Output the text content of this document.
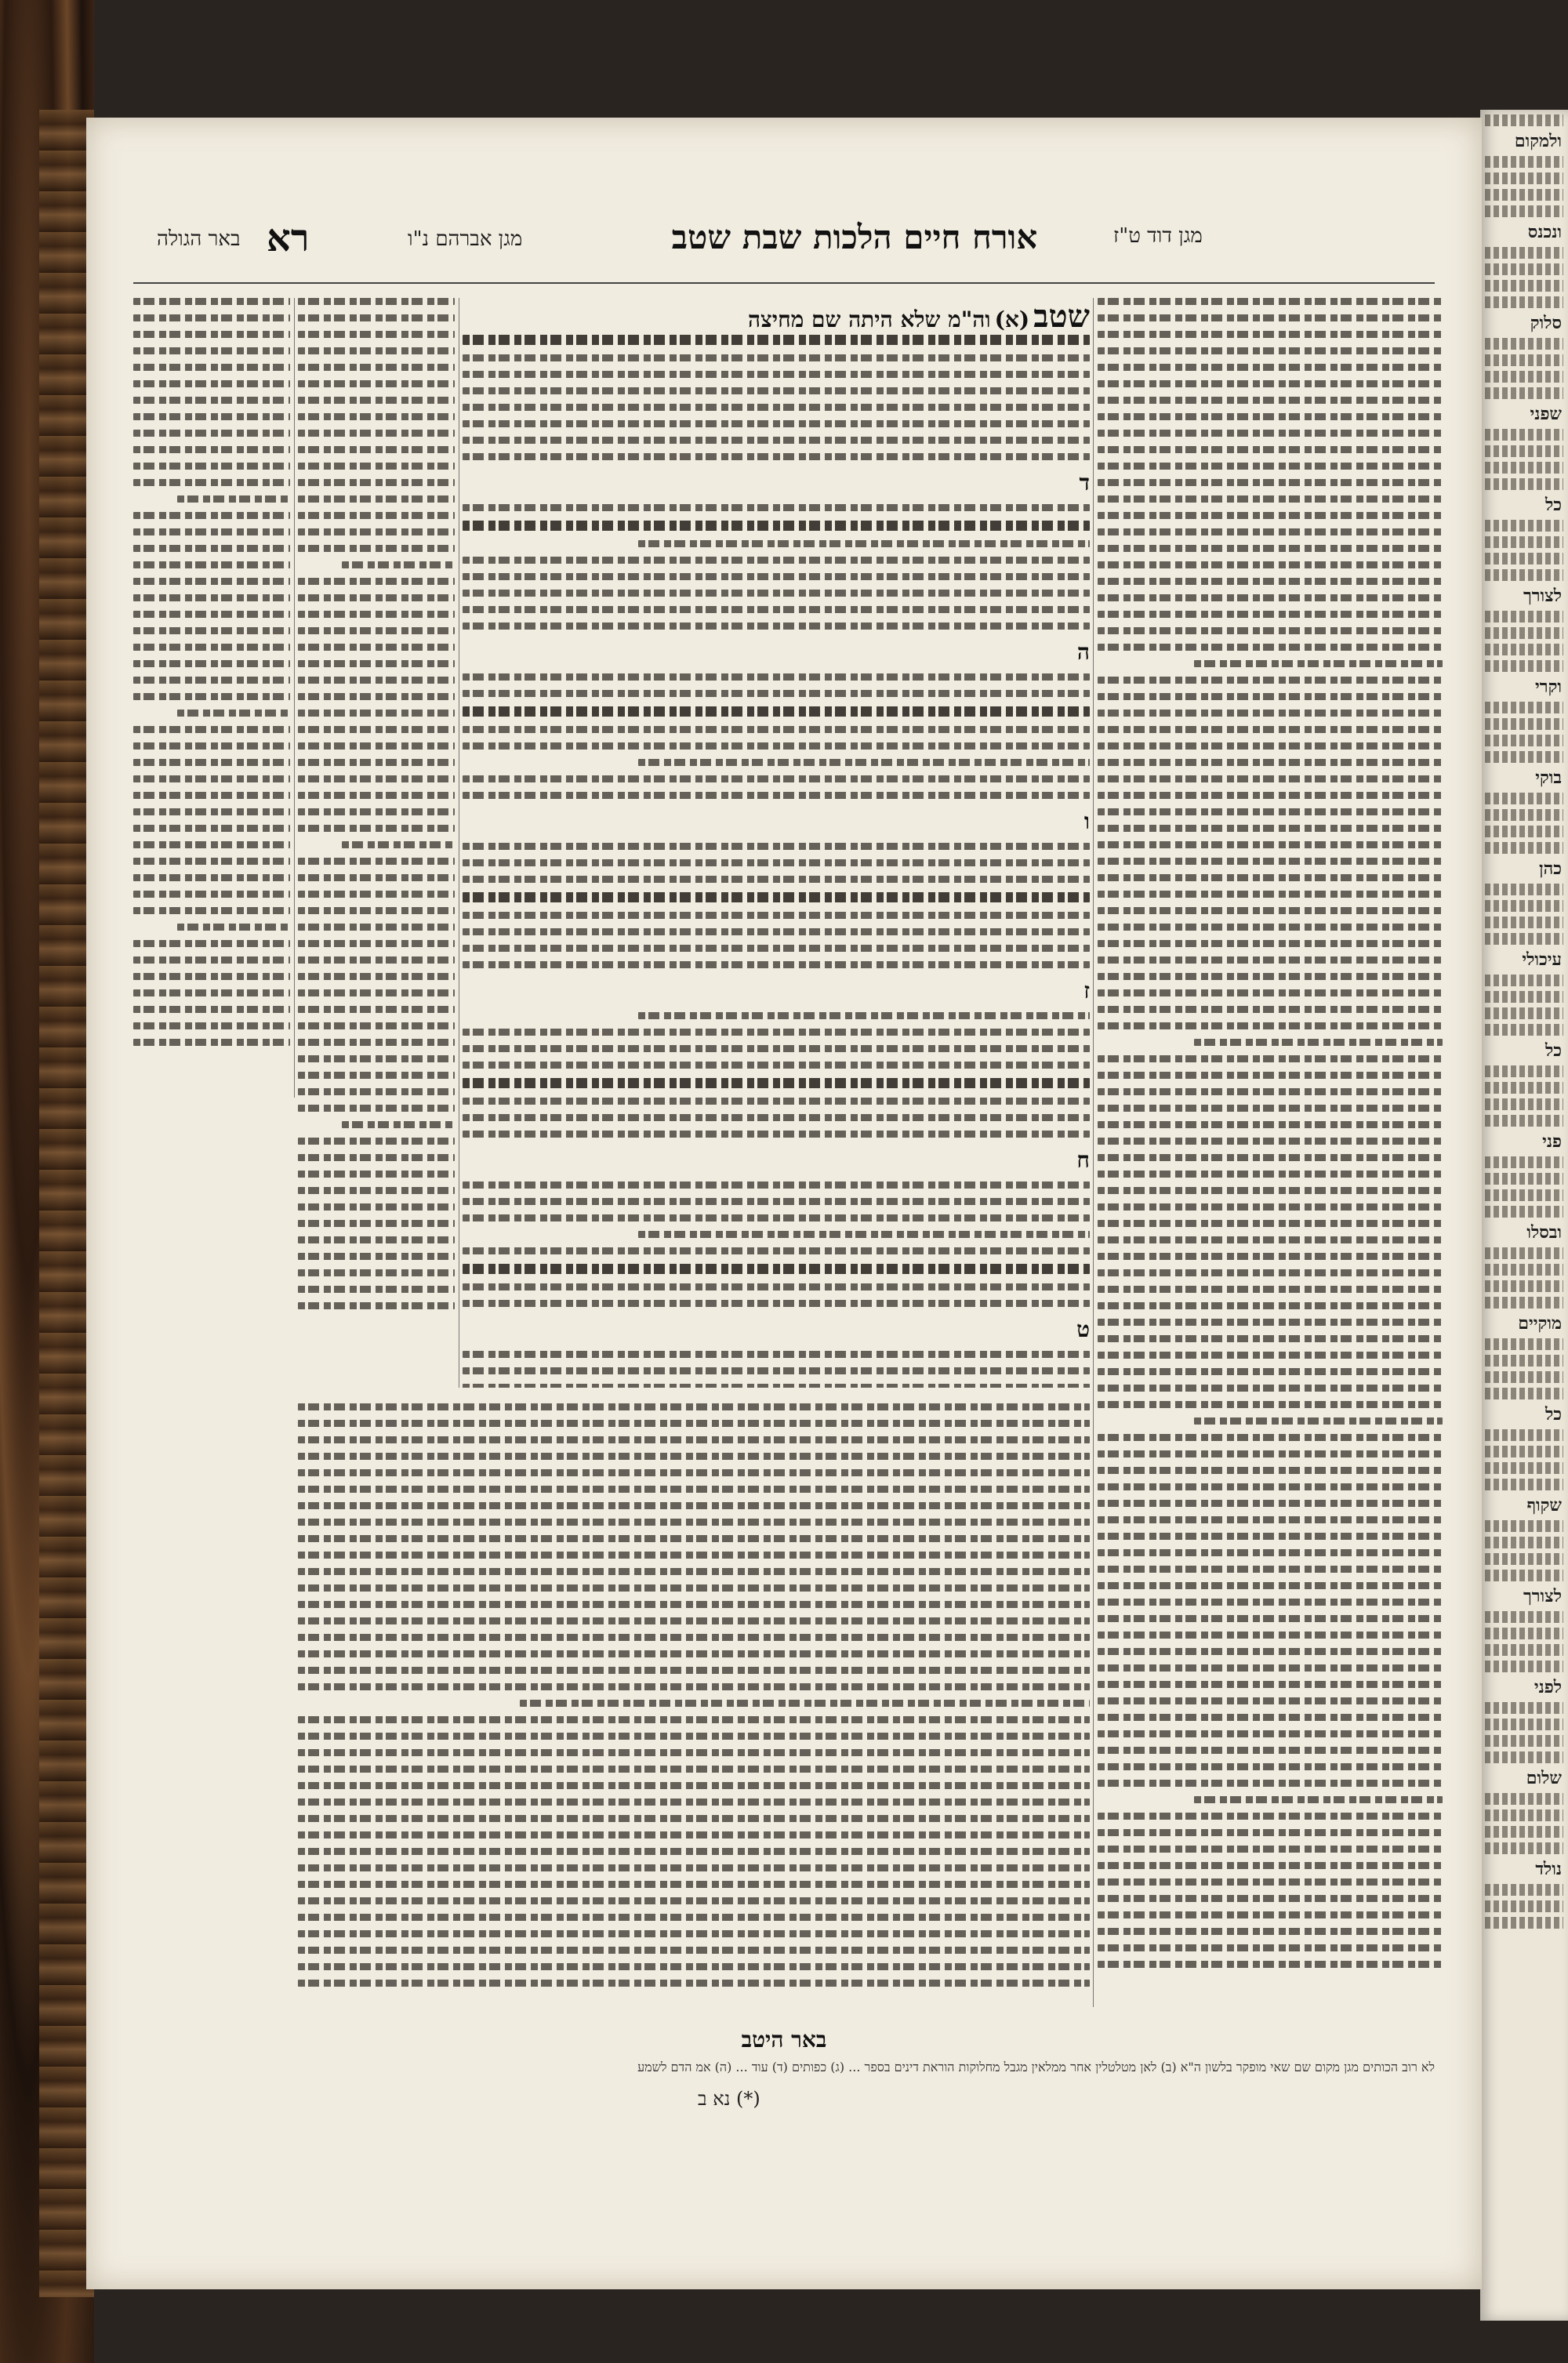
ולמקום
ונכנס
סלוק
שפני
כל
לצורך
וקרי
בוקי
כהן
עיכולי
כל
פני
ובסלו
מוקיים
כל
שקוף
לצורך
לפני
שלום
נולד
מגן דוד ט"ז
אורח חיים הלכות שבת שטב
מגן אברהם נ"ו
רא
באר הגולה
שטב (א) וה"מ שלא היתה שם מחיצה
ד
ה
ו
ז
ח
ט
באר היטב
לא רוב הכותים מגן מקום שם שאי מופקר בלשון ה"א (ב) לאן מטלטלין אחר ממלאין מגבל מחלוקות הוראת דינים בספר ... (ג) כפותים (ד) עוד ... (ה) אמ הדם לשמע
(*) נא ב
